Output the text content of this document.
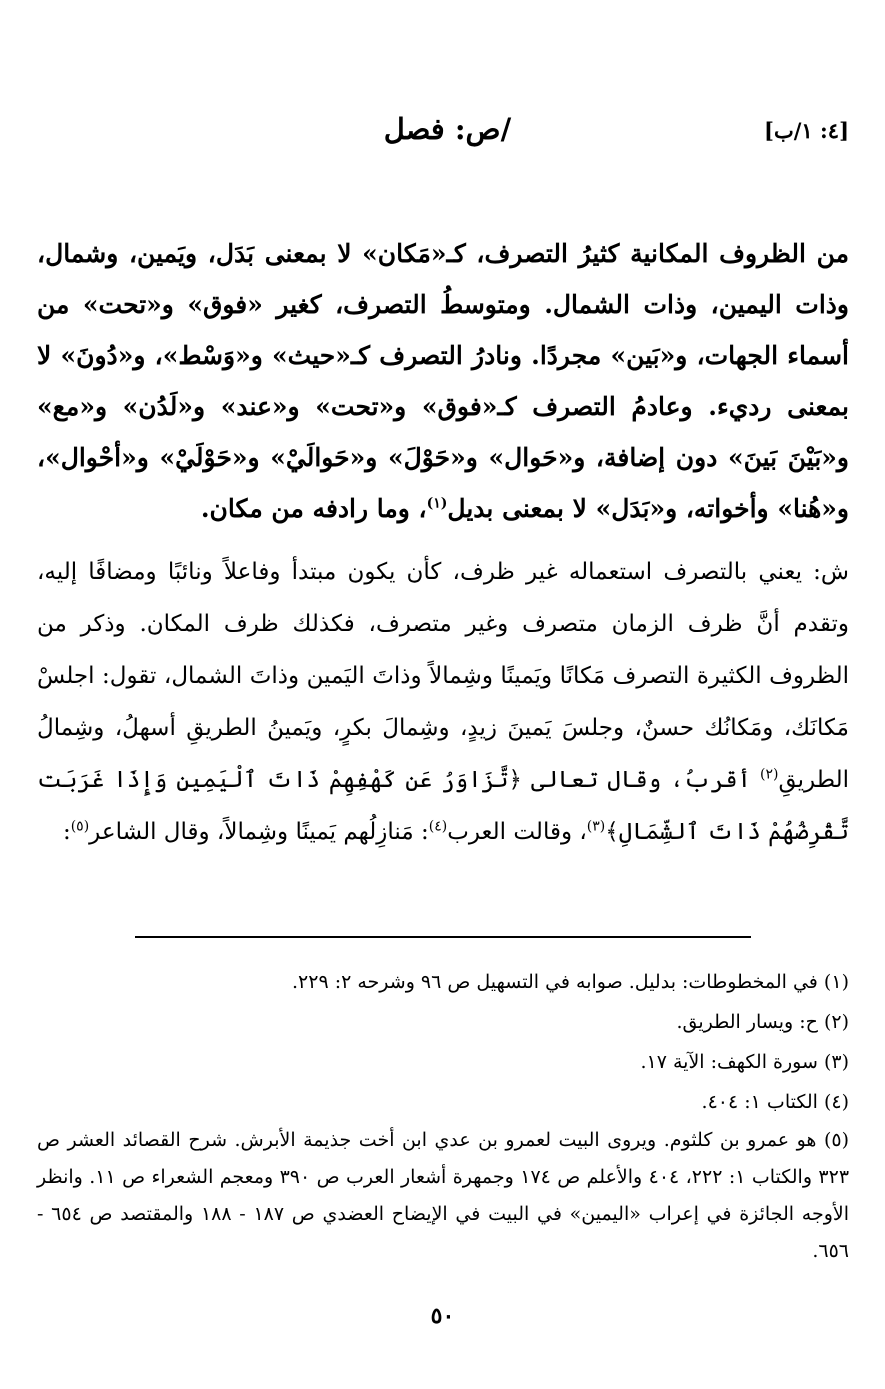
[٤: ١/ب]
/ص: فصل

من الظروف المكانية كثيرُ التصرف، كـ«مَكان» لا بمعنى بَدَل، ويَمين، وشمال، وذات اليمين، وذات الشمال. ومتوسطُ التصرف، كغير «فوق» و«تحت» من أسماء الجهات، و«بَين» مجردًا. ونادرُ التصرف كـ«حيث» و«وَسْط»، و«دُونَ» لا بمعنى رديء. وعادمُ التصرف كـ«فوق» و«تحت» و«عند» و«لَدُن» و«مع» و«بَيْنَ بَينَ» دون إضافة، و«حَوال» و«حَوْلَ» و«حَوالَيْ» و«حَوْلَيْ» و«أحْوال»، و«هُنا» وأخواته، و«بَدَل» لا بمعنى بديل$^{(١)}$، وما رادفه من مكان.

ش: يعني بالتصرف استعماله غير ظرف، كأن يكون مبتدأ وفاعلاً ونائبًا ومضافًا إليه، وتقدم أنَّ ظرف الزمان متصرف وغير متصرف، فكذلك ظرف المكان. وذكر من الظروف الكثيرة التصرف مَكانًا ويَمينًا وشِمالاً وذاتَ اليَمين وذاتَ الشمال، تقول: اجلسْ مَكانَك، ومَكانُك حسنٌ، وجلسَ يَمينَ زيدٍ، وشِمالَ بكرٍ، ويَمينُ الطريقِ أسهلُ، وشِمالُ الطريقِ$^{(٢)}$ أقربُ، وقال تعالى ﴿تَّزَاوَرُ عَن كَهْفِهِمْ ذَاتَ ٱلْيَمِينِ وَإِذَا غَرَبَت تَّقْرِضُهُمْ ذَاتَ ٱلشِّمَالِ﴾$^{(٣)}$، وقالت العرب$^{(٤)}$: مَنازِلُهم يَمينًا وشِمالاً، وقال الشاعر$^{(٥)}$:

(١) في المخطوطات: بدليل. صوابه في التسهيل ص ٩٦ وشرحه ٢: ٢٢٩.
(٢) ح: ويسار الطريق.
(٣) سورة الكهف: الآية ١٧.
(٤) الكتاب ١: ٤٠٤.
(٥) هو عمرو بن كلثوم. ويروى البيت لعمرو بن عدي ابن أخت جذيمة الأبرش. شرح القصائد العشر ص ٣٢٣ والكتاب ١: ٢٢٢، ٤٠٤ والأعلم ص ١٧٤ وجمهرة أشعار العرب ص ٣٩٠ ومعجم الشعراء ص ١١. وانظر الأوجه الجائزة في إعراب «اليمين» في البيت في الإيضاح العضدي ص ١٨٧ - ١٨٨ والمقتصد ص ٦٥٤ - ٦٥٦.
٥٠
